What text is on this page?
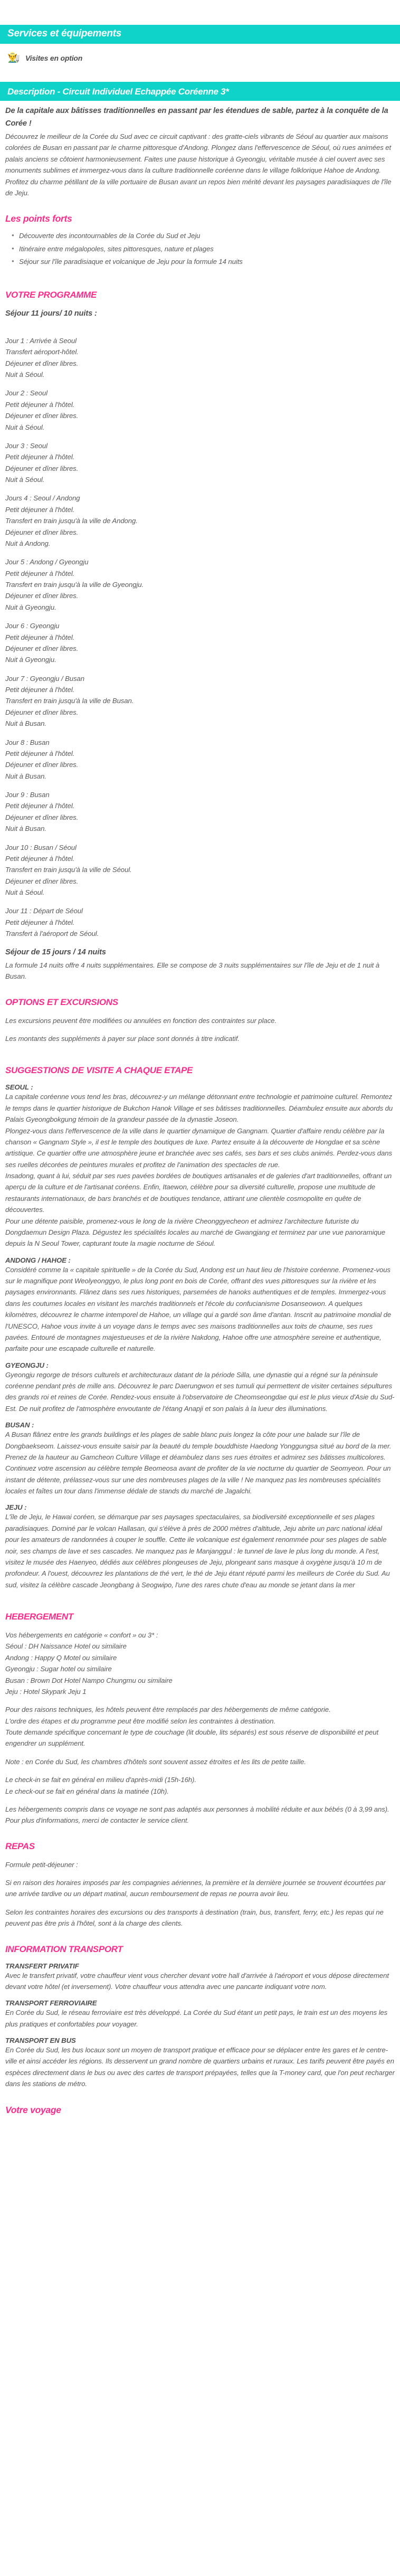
Services et équipements
👨‍🌾 Visites en option
Description - Circuit Individuel Echappée Coréenne 3*

De la capitale aux bâtisses traditionnelles en passant par les étendues de sable, partez à la conquête de la Corée !

Découvrez le meilleur de la Corée du Sud avec ce circuit captivant : des gratte-ciels vibrants de Séoul au quartier aux maisons colorées de Busan en passant par le charme pittoresque d'Andong. Plongez dans l'effervescence de Séoul, où rues animées et palais anciens se côtoient harmonieusement. Faites une pause historique à Gyeongju, véritable musée à ciel ouvert avec ses monuments sublimes et immergez-vous dans la culture traditionnelle coréenne dans le village folklorique Hahoe de Andong. Profitez du charme pétillant de la ville portuaire de Busan avant un repos bien mérité devant les paysages paradisiaques de l'île de Jeju.

Les points forts
• Découverte des incontournables de la Corée du Sud et Jeju
• Itinéraire entre mégalopoles, sites pittoresques, nature et plages
• Séjour sur l'île paradisiaque et volcanique de Jeju pour la formule 14 nuits
VOTRE PROGRAMME

Séjour 11 jours/ 10 nuits :

Jour 1 : Arrivée à Seoul
Transfert aéroport-hôtel.
Déjeuner et dîner libres.
Nuit à Séoul.
Jour 2 : Seoul
Petit déjeuner à l'hôtel.
Déjeuner et dîner libres.
Nuit à Séoul.
Jour 3 : Seoul
Petit déjeuner à l'hôtel.
Déjeuner et dîner libres.
Nuit à Séoul.
Jours 4 : Seoul / Andong
Petit déjeuner à l'hôtel.
Transfert en train jusqu'à la ville de Andong.
Déjeuner et dîner libres.
Nuit à Andong.
Jour 5 : Andong / Gyeongju
Petit déjeuner à l'hôtel.
Transfert en train jusqu'à la ville de Gyeongju.
Déjeuner et dîner libres.
Nuit à Gyeongju.
Jour 6 : Gyeongju
Petit déjeuner à l'hôtel.
Déjeuner et dîner libres.
Nuit à Gyeongju.
Jour 7 : Gyeongju / Busan
Petit déjeuner à l'hôtel.
Transfert en train jusqu'à la ville de Busan.
Déjeuner et dîner libres.
Nuit à Busan.
Jour 8 : Busan
Petit déjeuner à l'hôtel.
Déjeuner et dîner libres.
Nuit à Busan.
Jour 9 : Busan
Petit déjeuner à l'hôtel.
Déjeuner et dîner libres.
Nuit à Busan.
Jour 10 : Busan / Séoul
Petit déjeuner à l'hôtel.
Transfert en train jusqu'à la ville de Séoul.
Déjeuner et dîner libres.
Nuit à Séoul.
Jour 11 : Départ de Séoul
Petit déjeuner à l'hôtel.
Transfert à l'aéroport de Séoul.

Séjour de 15 jours / 14 nuits

La formule 14 nuits offre 4 nuits supplémentaires. Elle se compose de 3 nuits supplémentaires sur l'île de Jeju et de 1 nuit à Busan.

OPTIONS ET EXCURSIONS

Les excursions peuvent être modifiées ou annulées en fonction des contraintes sur place.

Les montants des suppléments à payer sur place sont donnés à titre indicatif.

SUGGESTIONS DE VISITE A CHAQUE ETAPE
SEOUL :

La capitale coréenne vous tend les bras, découvrez-y un mélange détonnant entre technologie et patrimoine culturel. Remontez le temps dans le quartier historique de Bukchon Hanok Village et ses bâtisses traditionnelles. Déambulez ensuite aux abords du Palais Gyeongbokgung témoin de la grandeur passée de la dynastie Joseon.

Plongez-vous dans l'effervescence de la ville dans le quartier dynamique de Gangnam. Quartier d'affaire rendu célèbre par la chanson « Gangnam Style », il est le temple des boutiques de luxe. Partez ensuite à la découverte de Hongdae et sa scène artistique. Ce quartier offre une atmosphère jeune et branchée avec ses cafés, ses bars et ses clubs animés. Perdez-vous dans ses ruelles décorées de peintures murales et profitez de l'animation des spectacles de rue.

Insadong, quant à lui, séduit par ses rues pavées bordées de boutiques artisanales et de galeries d'art traditionnelles, offrant un aperçu de la culture et de l'artisanat coréens. Enfin, Itaewon, célèbre pour sa diversité culturelle, propose une multitude de restaurants internationaux, de bars branchés et de boutiques tendance, attirant une clientèle cosmopolite en quête de découvertes.

Pour une détente paisible, promenez-vous le long de la rivière Cheonggyecheon et admirez l'architecture futuriste du Dongdaemun Design Plaza. Dégustez les spécialités locales au marché de Gwangjang et terminez par une vue panoramique depuis la N Seoul Tower, capturant toute la magie nocturne de Séoul.

ANDONG / HAHOE :

Considéré comme la « capitale spirituelle » de la Corée du Sud, Andong est un haut lieu de l'histoire coréenne. Promenez-vous sur le magnifique pont Weolyeonggyo, le plus long pont en bois de Corée, offrant des vues pittoresques sur la rivière et les paysages environnants. Flânez dans ses rues historiques, parsemées de hanoks authentiques et de temples. Immergez-vous dans les coutumes locales en visitant les marchés traditionnels et l'école du confucianisme Dosanseowon. A quelques kilomètres, découvrez le charme intemporel de Hahoe, un village qui a gardé son âme d'antan. Inscrit au patrimoine mondial de l'UNESCO, Hahoe vous invite à un voyage dans le temps avec ses maisons traditionnelles aux toits de chaume, ses rues pavées. Entouré de montagnes majestueuses et de la rivière Nakdong, Hahoe offre une atmosphère sereine et authentique, parfaite pour une escapade culturelle et naturelle.

GYEONGJU :

Gyeongju regorge de trésors culturels et architecturaux datant de la période Silla, une dynastie qui a régné sur la péninsule coréenne pendant près de mille ans. Découvrez le parc Daerungwon et ses tumuli qui permettent de visiter certaines sépultures des grands roi et reines de Corée. Rendez-vous ensuite à l'observatoire de Cheomseongdae qui est le plus vieux d'Asie du Sud-Est. De nuit profitez de l'atmosphère envoutante de l'étang Anapji et son palais à la lueur des illuminations.

BUSAN :

A Busan flânez entre les grands buildings et les plages de sable blanc puis longez la côte pour une balade sur l'île de Dongbaekseom. Laissez-vous ensuite saisir par la beauté du temple bouddhiste Haedong Yonggungsa situé au bord de la mer. Prenez de la hauteur au Gamcheon Culture Village et déambulez dans ses rues étroites et admirez ses bâtisses multicolores. Continuez votre ascension au célèbre temple Beomeosa avant de profiter de la vie nocturne du quartier de Seomyeon. Pour un instant de détente, prélassez-vous sur une des nombreuses plages de la ville ! Ne manquez pas les nombreuses spécialités locales et faîtes un tour dans l'immense dédale de stands du marché de Jagalchi.

JEJU :

L'île de Jeju, le Hawai coréen, se démarque par ses paysages spectaculaires, sa biodiversité exceptionnelle et ses plages paradisiaques. Dominé par le volcan Hallasan, qui s'élève à près de 2000 mètres d'altitude, Jeju abrite un parc national idéal pour les amateurs de randonnées à couper le souffle. Cette ile volcanique est également renommée pour ses plages de sable noir, ses champs de lave et ses cascades. Ne manquez pas le Manjanggul : le tunnel de lave le plus long du monde. A l'est, visitez le musée des Haenyeo, dédiés aux célèbres plongeuses de Jeju, plongeant sans masque à oxygène jusqu'à 10 m de profondeur. A l'ouest, découvrez les plantations de thé vert, le thé de Jeju étant réputé parmi les meilleurs de Corée du Sud. Au sud, visitez la célèbre cascade Jeongbang à Seogwipo, l'une des rares chute d'eau au monde se jetant dans la mer

HEBERGEMENT
Vos hébergements en catégorie « confort » ou 3* :
Séoul : DH Naissance Hotel ou similaire
Andong : Happy Q Motel ou similaire
Gyeongju : Sugar hotel ou similaire
Busan : Brown Dot Hotel Nampo Chungmu ou similaire
Jeju : Hotel Skypark Jeju 1
Pour des raisons techniques, les hôtels peuvent être remplacés par des hébergements de même catégorie.
L'ordre des étapes et du programme peut être modifié selon les contraintes à destination.
Toute demande spécifique concernant le type de couchage (lit double, lits séparés) est sous réserve de disponibilité et peut engendrer un supplément.
Note : en Corée du Sud, les chambres d'hôtels sont souvent assez étroites et les lits de petite taille.
Le check-in se fait en général en milieu d'après-midi (15h-16h).
Le check-out se fait en général dans la matinée (10h).

Les hébergements compris dans ce voyage ne sont pas adaptés aux personnes à mobilité réduite et aux bébés (0 à 3,99 ans). Pour plus d'informations, merci de contacter le service client.

REPAS
Formule petit-déjeuner :

Si en raison des horaires imposés par les compagnies aériennes, la première et la dernière journée se trouvent écourtées par une arrivée tardive ou un départ matinal, aucun remboursement de repas ne pourra avoir lieu.

Selon les contraintes horaires des excursions ou des transports à destination (train, bus, transfert, ferry, etc.) les repas qui ne peuvent pas être pris à l'hôtel, sont à la charge des clients.

INFORMATION TRANSPORT
TRANSFERT PRIVATIF

Avec le transfert privatif, votre chauffeur vient vous chercher devant votre hall d'arrivée à l'aéroport et vous dépose directement devant votre hôtel (et inversement). Votre chauffeur vous attendra avec une pancarte indiquant votre nom.

TRANSPORT FERROVIAIRE

En Corée du Sud, le réseau ferroviaire est très développé. La Corée du Sud étant un petit pays, le train est un des moyens les plus pratiques et confortables pour voyager.

TRANSPORT EN BUS

En Corée du Sud, les bus locaux sont un moyen de transport pratique et efficace pour se déplacer entre les gares et le centre-ville et ainsi accéder les régions. Ils desservent un grand nombre de quartiers urbains et ruraux. Les tarifs peuvent être payés en espèces directement dans le bus ou avec des cartes de transport prépayées, telles que la T-money card, que l'on peut recharger dans les stations de métro.

Votre voyage
